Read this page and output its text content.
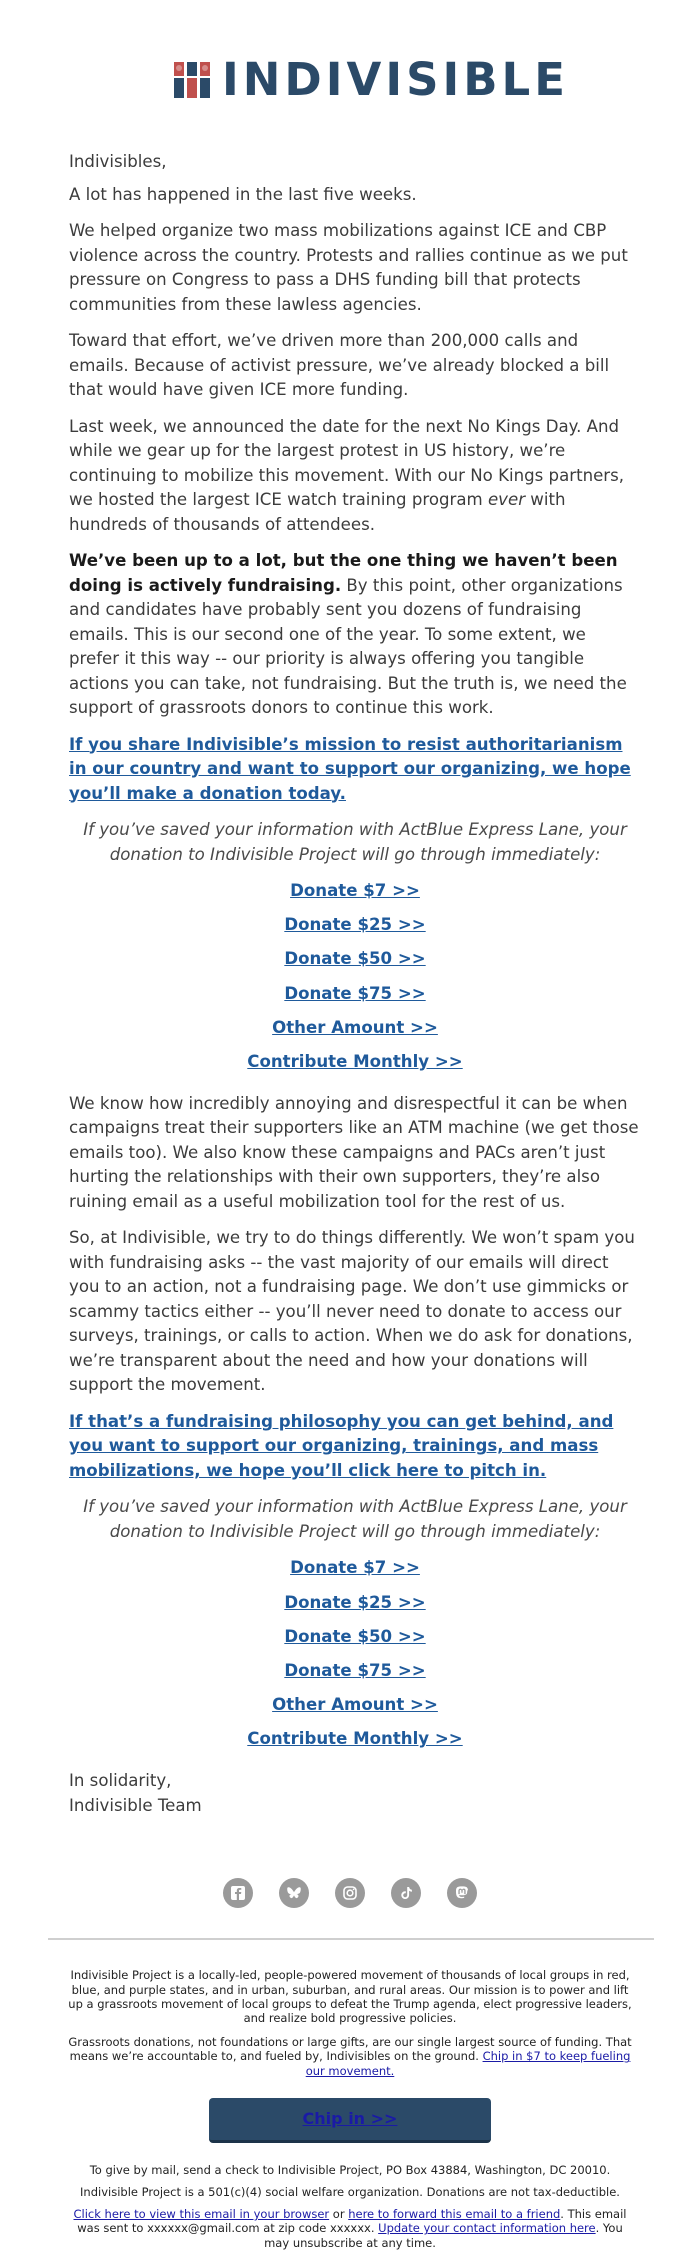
INDIVISIBLE

Indivisibles,

A lot has happened in the last five weeks.

We helped organize two mass mobilizations against ICE and CBP violence across the country. Protests and rallies continue as we put pressure on Congress to pass a DHS funding bill that protects communities from these lawless agencies.

Toward that effort, we’ve driven more than 200,000 calls and emails. Because of activist pressure, we’ve already blocked a bill that would have given ICE more funding.

Last week, we announced the date for the next No Kings Day. And while we gear up for the largest protest in US history, we’re continuing to mobilize this movement. With our No Kings partners, we hosted the largest ICE watch training program ever with hundreds of thousands of attendees.

We’ve been up to a lot, but the one thing we haven’t been doing is actively fundraising. By this point, other organizations and candidates have probably sent you dozens of fundraising emails. This is our second one of the year. To some extent, we prefer it this way -- our priority is always offering you tangible actions you can take, not fundraising. But the truth is, we need the support of grassroots donors to continue this work.

If you share Indivisible’s mission to resist authoritarianism in our country and want to support our organizing, we hope you’ll make a donation today.

If you’ve saved your information with ActBlue Express Lane, your donation to Indivisible Project will go through immediately:

Donate $7 >>
Donate $25 >>
Donate $50 >>
Donate $75 >>
Other Amount >>
Contribute Monthly >>

We know how incredibly annoying and disrespectful it can be when campaigns treat their supporters like an ATM machine (we get those emails too). We also know these campaigns and PACs aren’t just hurting the relationships with their own supporters, they’re also ruining email as a useful mobilization tool for the rest of us.

So, at Indivisible, we try to do things differently. We won’t spam you with fundraising asks -- the vast majority of our emails will direct you to an action, not a fundraising page. We don’t use gimmicks or scammy tactics either -- you’ll never need to donate to access our surveys, trainings, or calls to action. When we do ask for donations, we’re transparent about the need and how your donations will support the movement.

If that’s a fundraising philosophy you can get behind, and you want to support our organizing, trainings, and mass mobilizations, we hope you’ll click here to pitch in.

If you’ve saved your information with ActBlue Express Lane, your donation to Indivisible Project will go through immediately:

Donate $7 >>
Donate $25 >>
Donate $50 >>
Donate $75 >>
Other Amount >>
Contribute Monthly >>
In solidarity,
Indivisible Team

Indivisible Project is a locally-led, people-powered movement of thousands of local groups in red, blue, and purple states, and in urban, suburban, and rural areas. Our mission is to power and lift up a grassroots movement of local groups to defeat the Trump agenda, elect progressive leaders, and realize bold progressive policies.

Grassroots donations, not foundations or large gifts, are our single largest source of funding. That means we’re accountable to, and fueled by, Indivisibles on the ground. Chip in $7 to keep fueling our movement.

Chip in >>

To give by mail, send a check to Indivisible Project, PO Box 43884, Washington, DC 20010.

Indivisible Project is a 501(c)(4) social welfare organization. Donations are not tax-deductible.

Click here to view this email in your browser or here to forward this email to a friend. This email was sent to xxxxxx@gmail.com at zip code xxxxxx. Update your contact information here. You may unsubscribe at any time.
